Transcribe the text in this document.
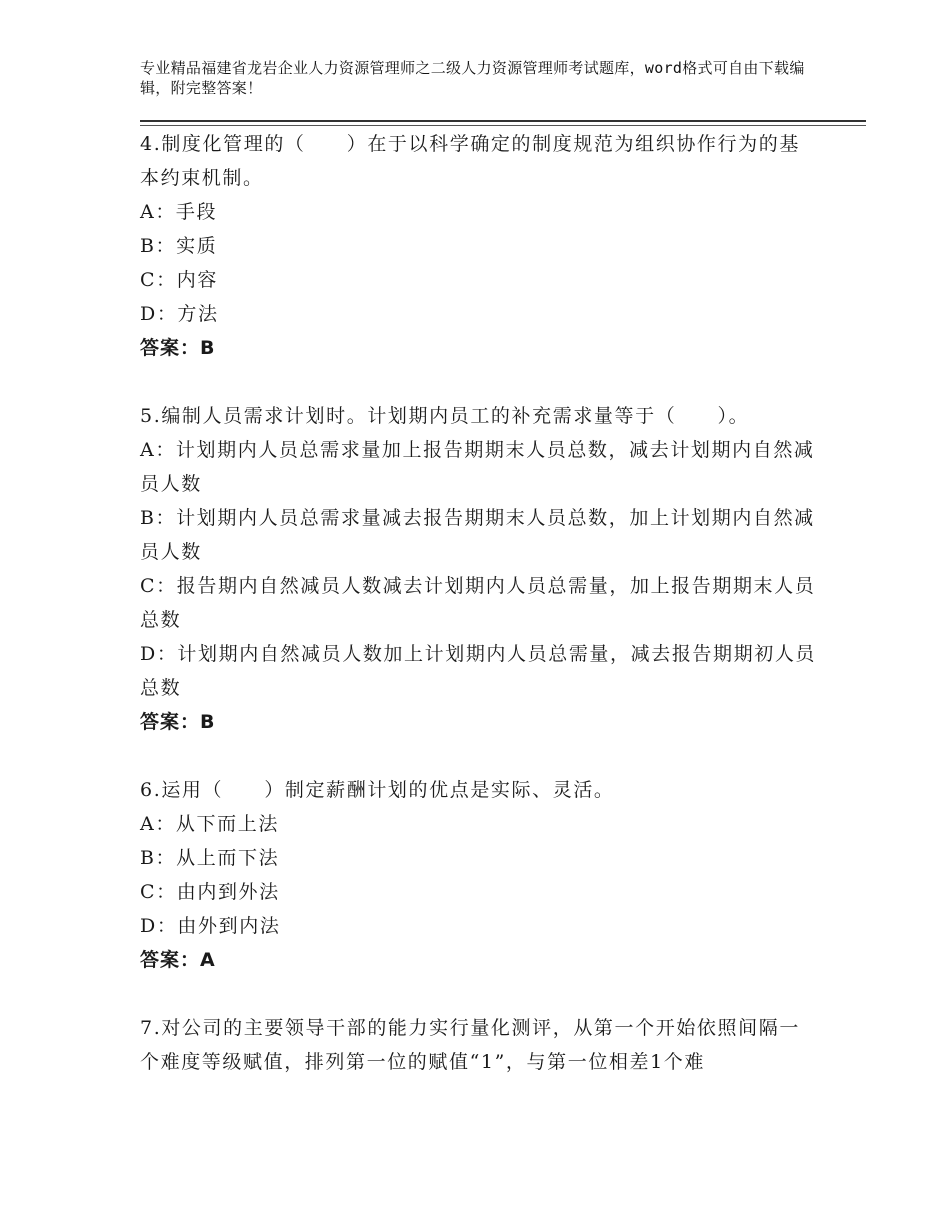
专业精品福建省龙岩企业人力资源管理师之二级人力资源管理师考试题库，word格式可自由下载编辑，附完整答案！
4.制度化管理的（　　）在于以科学确定的制度规范为组织协作行为的基本约束机制。
A：手段
B：实质
C：内容
D：方法
答案：B
5.编制人员需求计划时。计划期内员工的补充需求量等于（　　）。
A：计划期内人员总需求量加上报告期期末人员总数，减去计划期内自然减员人数
B：计划期内人员总需求量减去报告期期末人员总数，加上计划期内自然减员人数
C：报告期内自然减员人数减去计划期内人员总需量，加上报告期期末人员总数
D：计划期内自然减员人数加上计划期内人员总需量，减去报告期期初人员总数
答案：B
6.运用（　　）制定薪酬计划的优点是实际、灵活。
A：从下而上法
B：从上而下法
C：由内到外法
D：由外到内法
答案：A
7.对公司的主要领导干部的能力实行量化测评，从第一个开始依照间隔一个难度等级赋值，排列第一位的赋值“1”，与第一位相差1个难
